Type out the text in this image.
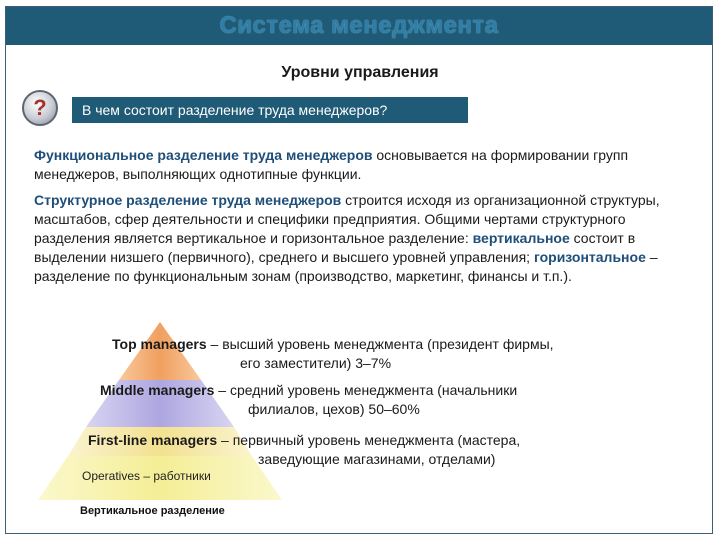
Система менеджмента
Уровни управления
?	В чем состоит разделение труда менеджеров?
Функциональное разделение труда менеджеров основывается на формировании групп менеджеров, выполняющих однотипные функции.
Структурное разделение труда менеджеров строится исходя из организационной структуры, масштабов, сфер деятельности и специфики предприятия. Общими чертами структурного разделения является вертикальное и горизонтальное разделение: вертикальное состоит в выделении низшего (первичного), среднего и высшего уровней управления; горизонтальное – разделение по функциональным зонам (производство, маркетинг, финансы и т.п.).
Top managers – высший уровень менеджмента (президент фирмы,
его заместители) 3–7%
Middle managers – средний уровень менеджмента (начальники
филиалов, цехов) 50–60%
First-line managers – первичный уровень менеджмента (мастера,
заведующие магазинами, отделами)
Operatives – работники
Вертикальное разделение
